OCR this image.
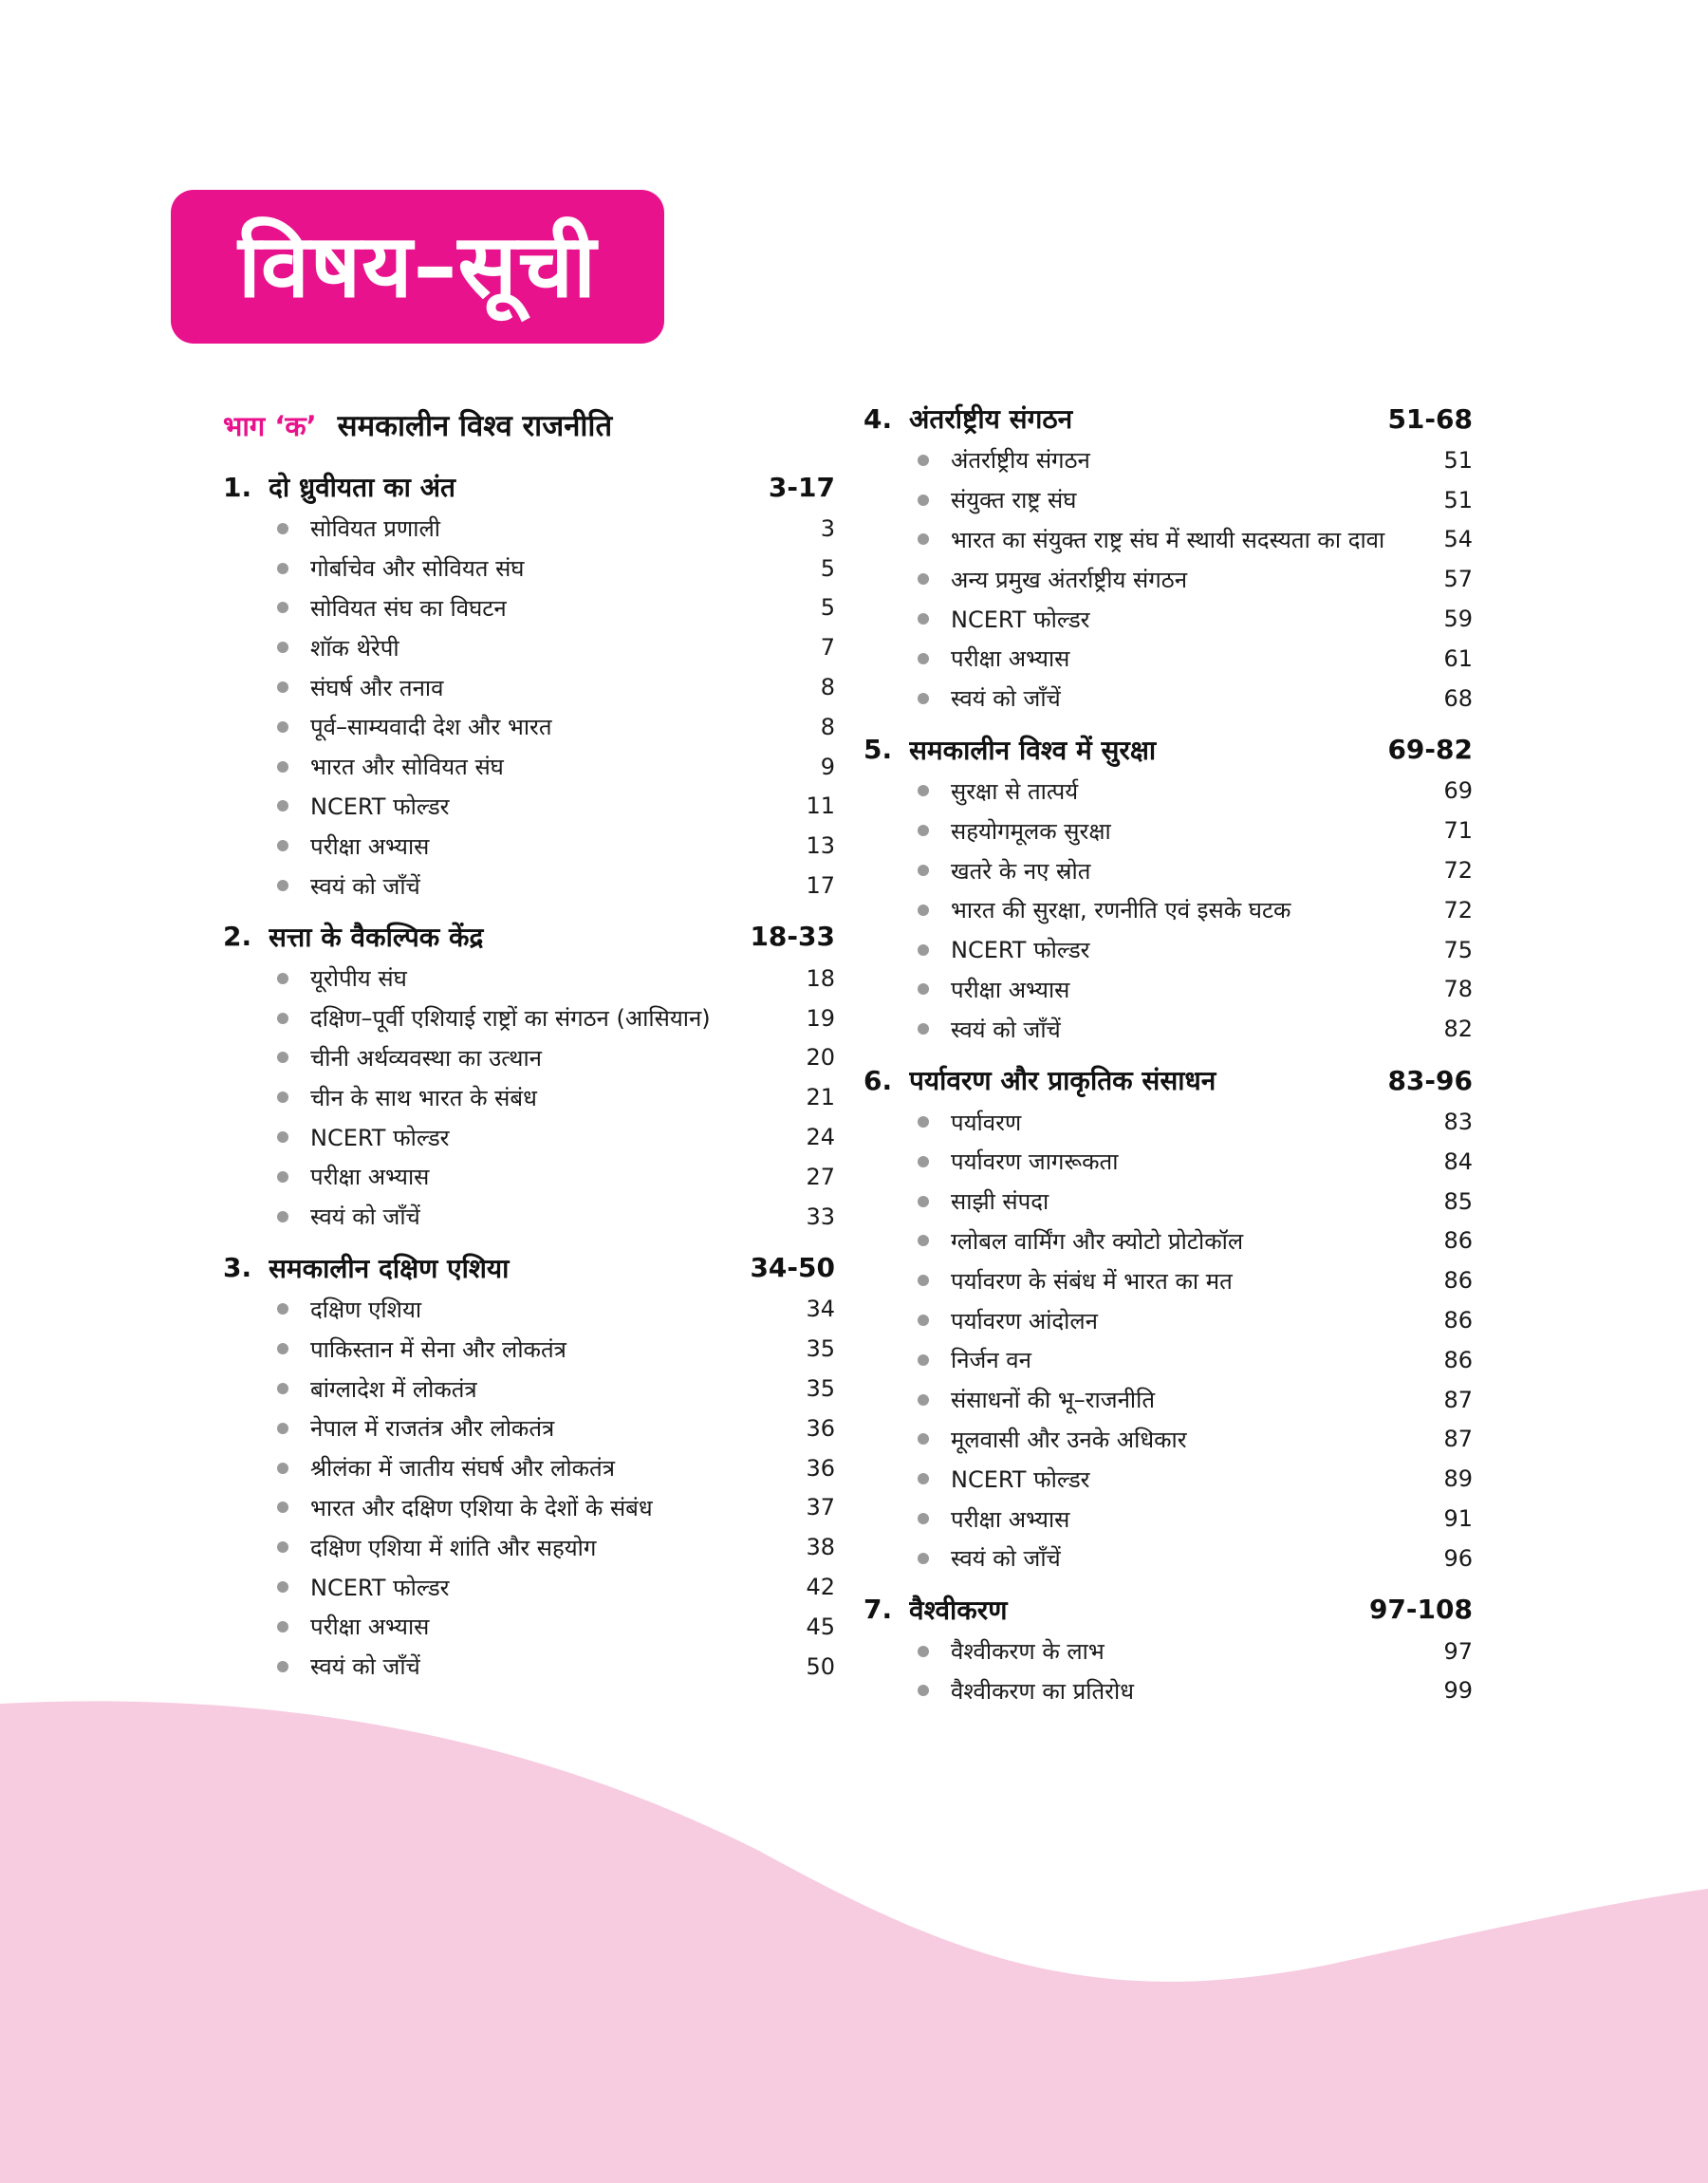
विषय–सूची
भाग ‘क’ समकालीन विश्व राजनीति
1. दो ध्रुवीयता का अंत	3-17
सोवियत प्रणाली	3
गोर्बाचेव और सोवियत संघ	5
सोवियत संघ का विघटन	5
शॉक थेरेपी	7
संघर्ष और तनाव	8
पूर्व–साम्यवादी देश और भारत	8
भारत और सोवियत संघ	9
NCERT फोल्डर	11
परीक्षा अभ्यास	13
स्वयं को जाँचें	17
2. सत्ता के वैकल्पिक केंद्र	18-33
यूरोपीय संघ	18
दक्षिण–पूर्वी एशियाई राष्ट्रों का संगठन (आसियान)	19
चीनी अर्थव्यवस्था का उत्थान	20
चीन के साथ भारत के संबंध	21
NCERT फोल्डर	24
परीक्षा अभ्यास	27
स्वयं को जाँचें	33
3. समकालीन दक्षिण एशिया	34-50
दक्षिण एशिया	34
पाकिस्तान में सेना और लोकतंत्र	35
बांग्लादेश में लोकतंत्र	35
नेपाल में राजतंत्र और लोकतंत्र	36
श्रीलंका में जातीय संघर्ष और लोकतंत्र	36
भारत और दक्षिण एशिया के देशों के संबंध	37
दक्षिण एशिया में शांति और सहयोग	38
NCERT फोल्डर	42
परीक्षा अभ्यास	45
स्वयं को जाँचें	50
4. अंतर्राष्ट्रीय संगठन	51-68
अंतर्राष्ट्रीय संगठन	51
संयुक्त राष्ट्र संघ	51
भारत का संयुक्त राष्ट्र संघ में स्थायी सदस्यता का दावा	54
अन्य प्रमुख अंतर्राष्ट्रीय संगठन	57
NCERT फोल्डर	59
परीक्षा अभ्यास	61
स्वयं को जाँचें	68
5. समकालीन विश्व में सुरक्षा	69-82
सुरक्षा से तात्पर्य	69
सहयोगमूलक सुरक्षा	71
खतरे के नए स्रोत	72
भारत की सुरक्षा, रणनीति एवं इसके घटक	72
NCERT फोल्डर	75
परीक्षा अभ्यास	78
स्वयं को जाँचें	82
6. पर्यावरण और प्राकृतिक संसाधन	83-96
पर्यावरण	83
पर्यावरण जागरूकता	84
साझी संपदा	85
ग्लोबल वार्मिंग और क्योटो प्रोटोकॉल	86
पर्यावरण के संबंध में भारत का मत	86
पर्यावरण आंदोलन	86
निर्जन वन	86
संसाधनों की भू–राजनीति	87
मूलवासी और उनके अधिकार	87
NCERT फोल्डर	89
परीक्षा अभ्यास	91
स्वयं को जाँचें	96
7. वैश्वीकरण	97-108
वैश्वीकरण के लाभ	97
वैश्वीकरण का प्रतिरोध	99
